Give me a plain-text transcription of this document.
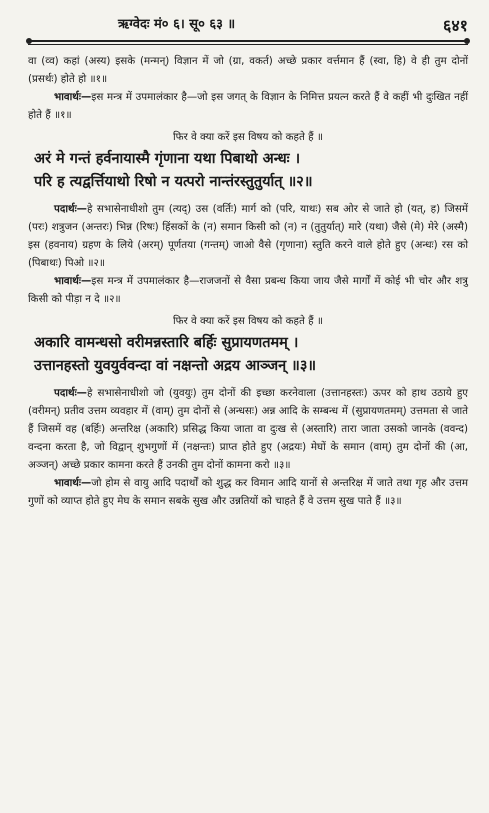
ऋग्वेदः मं० ६। सू० ६३ ॥	६४१

वा (व्व) कहां (अस्य) इसके (मन्मन्) विज्ञान में जो (ग्रा, वकर्त) अच्छे प्रकार वर्त्तमान हैं (स्वा, हि) वे ही तुम दोनों (प्रसर्थः) होते हो ॥१॥

भावार्थः—इस मन्त्र में उपमालंकार है—जो इस जगत् के विज्ञान के निमित्त प्रयत्न करते हैं वे कहीं भी दुःखित नहीं होते हैं ॥१॥

फिर वे क्या करें इस विषय को कहते हैं ॥

अरं मे गन्तं हर्वनायास्मै गृंणाना यथा पिबाथो अन्धः ।

परि ह त्यद्वर्त्तियाथो रिषो न यत्परो नान्तंरस्तुतुर्यात् ॥२॥

पदार्थः—हे सभासेनाधीशो तुम (त्यद्) उस (वर्तिः) मार्ग को (परि, याथः) सब ओर से जाते हो (यत्, ह) जिसमें (परः) शत्रुजन (अन्तरः) भिन्न (रिषः) हिंसकों के (न) समान किसी को (न) न (तुतुर्यात्) मारे (यथा) जैसे (मे) मेरे (अस्मै) इस (हवनाय) ग्रहण के लिये (अरम्) पूर्णतया (गन्तम्) जाओ वैसे (गृणाना) स्तुति करने वाले होते हुए (अन्धः) रस को (पिबाथः) पिओ ॥२॥

भावार्थः—इस मन्त्र में उपमालंकार है—राजजनों से वैसा प्रबन्ध किया जाय जैसे मार्गों में कोई भी चोर और शत्रु किसी को पीड़ा न दे ॥२॥

फिर वे क्या करें इस विषय को कहते हैं ॥

अकारि वामन्धसो वरीमन्नस्तारि बर्हिः सुप्रायणतमम् ।

उत्तानहस्तो युवयुर्ववन्दा वां नक्षन्तो अद्रय आञ्जन् ॥३॥

पदार्थः—हे सभासेनाधीशो जो (युवयुः) तुम दोनों की इच्छा करनेवाला (उत्तानहस्तः) ऊपर को हाथ उठाये हुए (वरीमन्) प्रतीव उत्तम व्यवहार में (वाम्) तुम दोनों से (अन्धसः) अन्न आदि के सम्बन्ध में (सुप्रायणतमम्) उत्तमता से जाते हैं जिसमें वह (बर्हिः) अन्तरिक्ष (अकारि) प्रसिद्ध किया जाता वा दुःख से (अस्तारि) तारा जाता उसको जानके (ववन्द) वन्दना करता है, जो विद्वान् शुभगुणों में (नक्षन्तः) प्राप्त होते हुए (अद्रयः) मेघों के समान (वाम्) तुम दोनों की (आ, अञ्जन्) अच्छे प्रकार कामना करते हैं उनकी तुम दोनों कामना करो ॥३॥

भावार्थः—जो होम से वायु आदि पदार्थों को शुद्ध कर विमान आदि यानों से अन्तरिक्ष में जाते तथा गृह और उत्तम गुणों को व्याप्त होते हुए मेघ के समान सबके सुख और उन्नतियों को चाहते हैं वे उत्तम सुख पाते हैं ॥३॥
